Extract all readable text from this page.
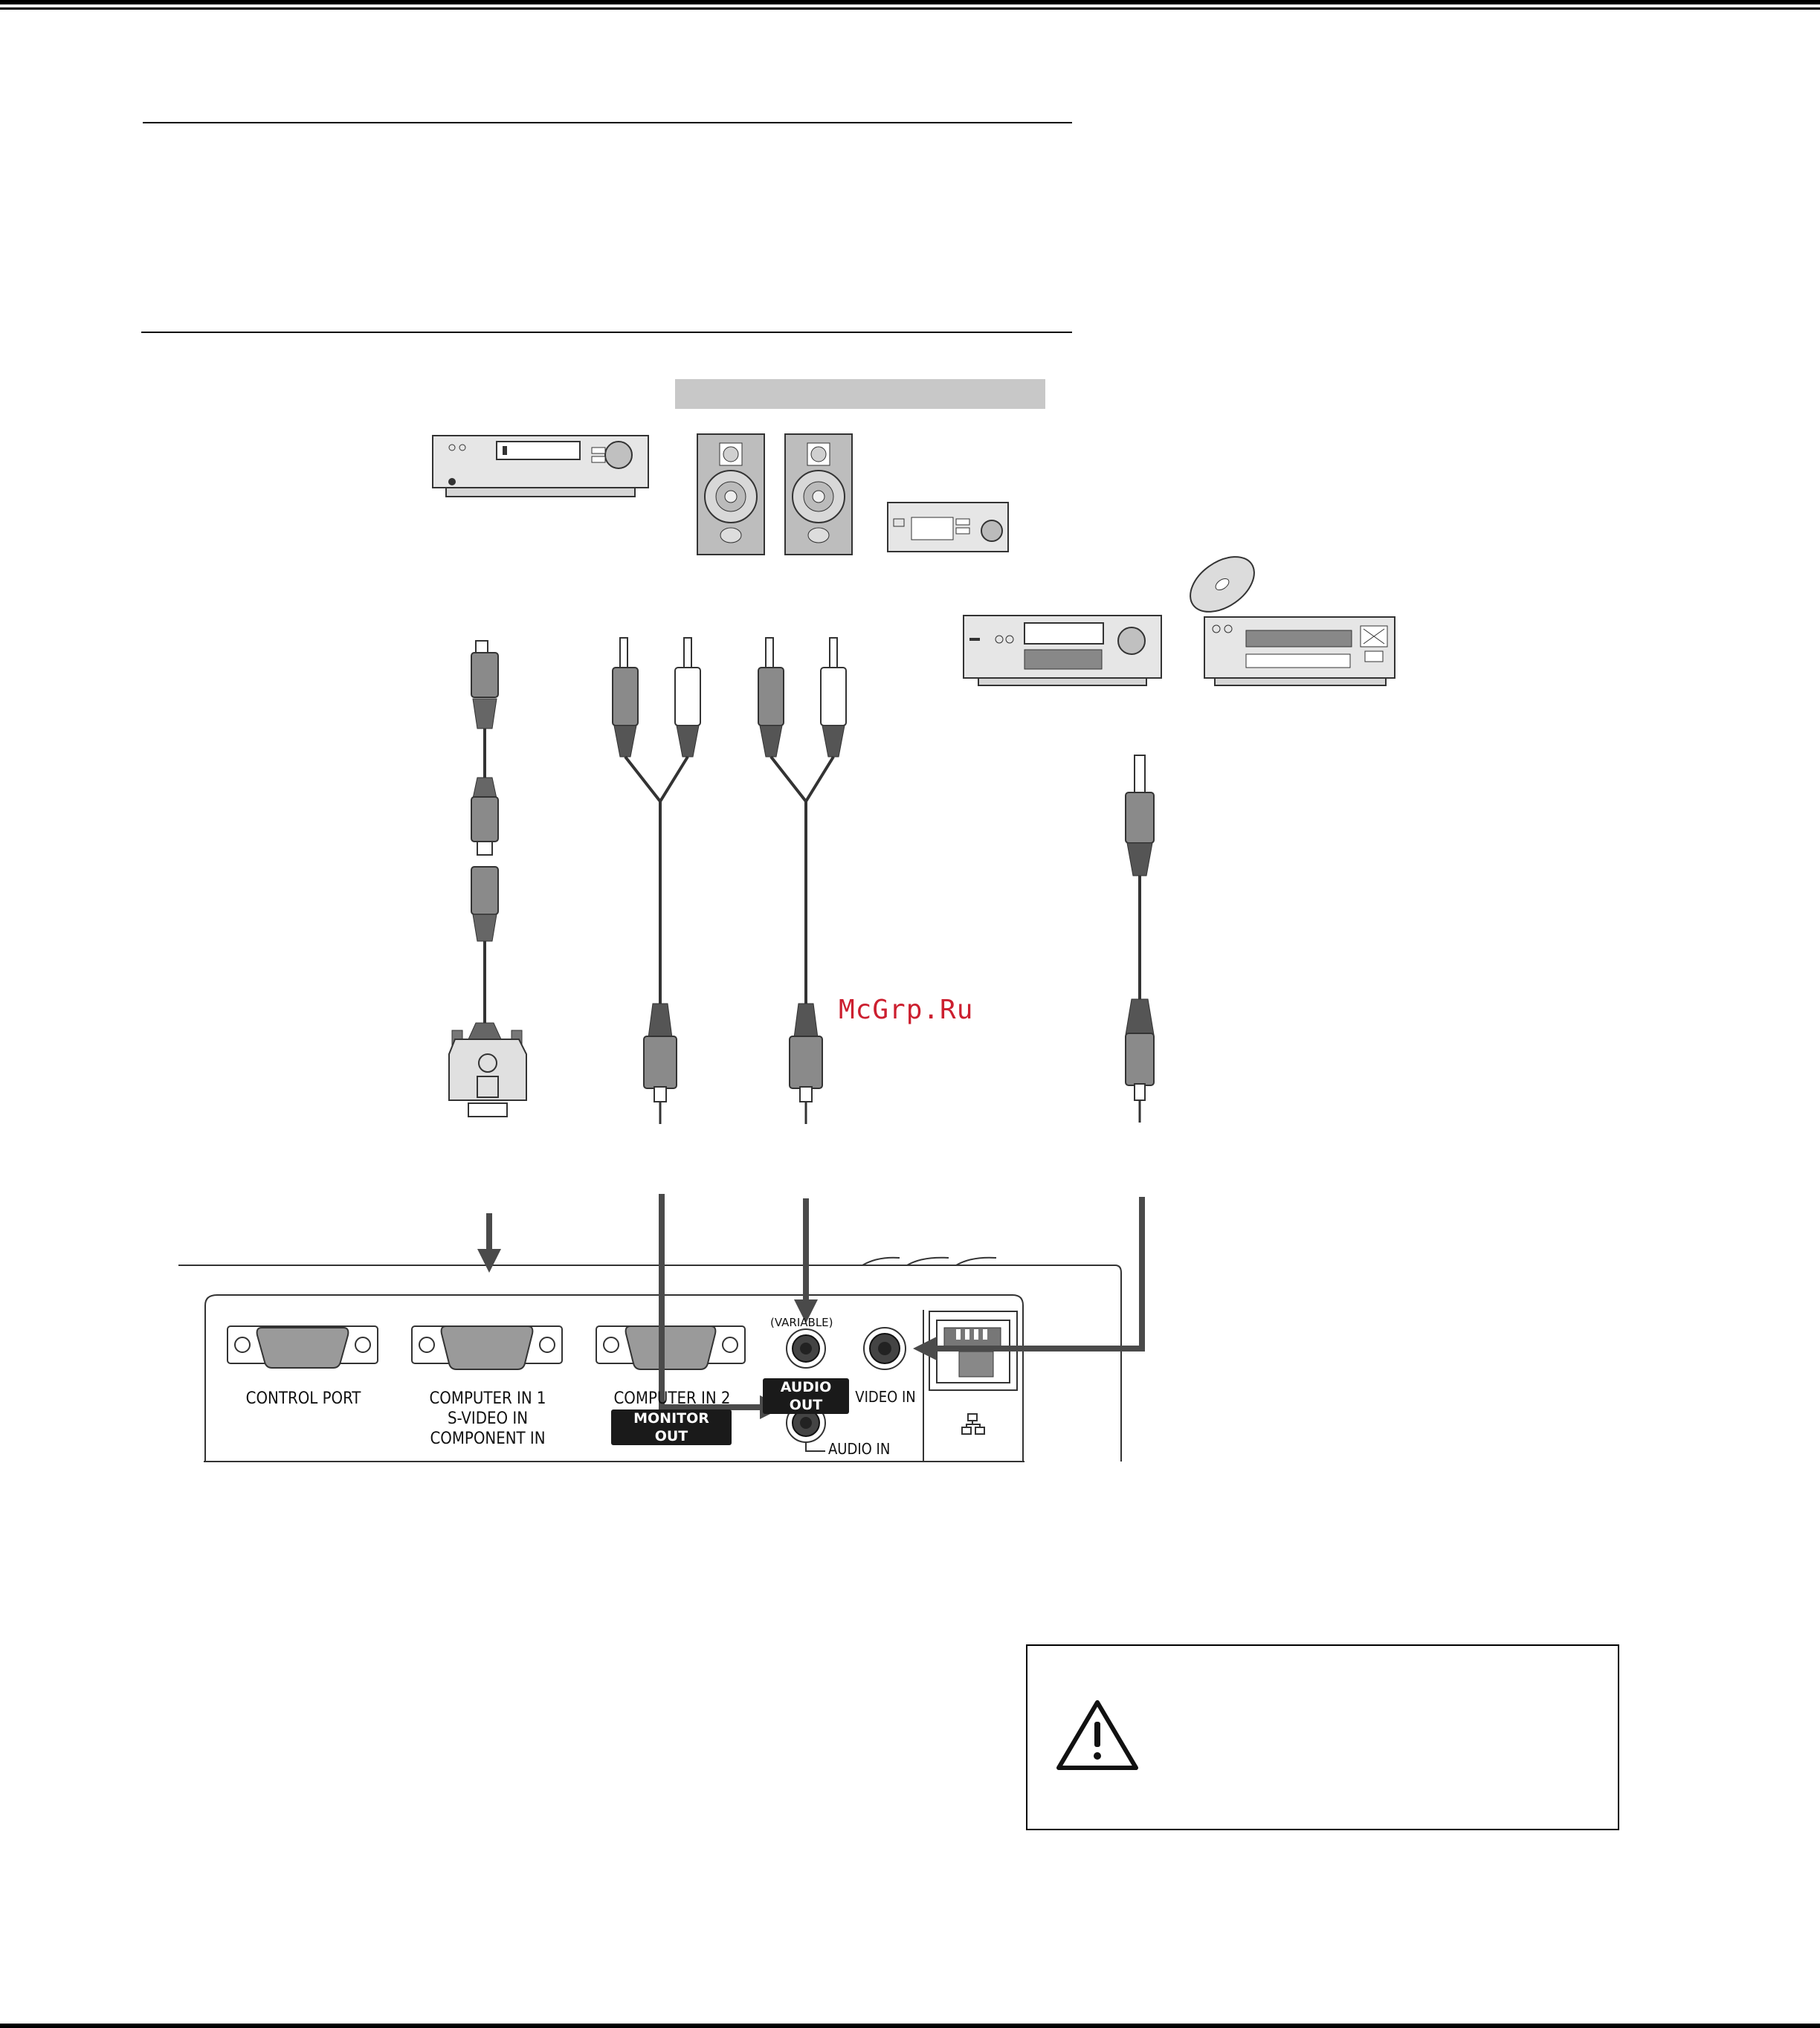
CONTROL PORT	COMPUTER IN 1
S-VIDEO IN
COMPONENT IN
COMPUTER IN 2
MONITOR OUT
(VARIABLE)
AUDIO OUT
AUDIO IN
VIDEO IN
McGrp.Ru
